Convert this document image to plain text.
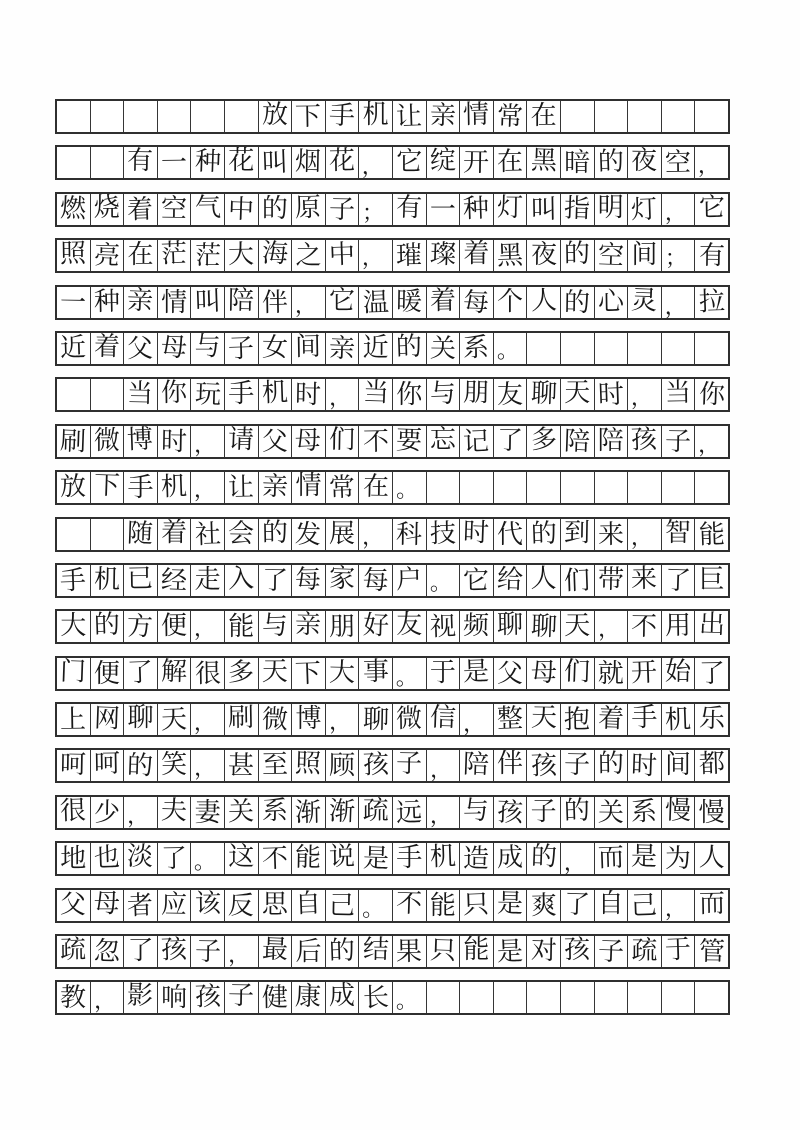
放 下 手 机 让 亲 情 常 在
有 一 种 花 叫 烟 花 ， 它 绽 开 在 黑 暗 的 夜 空 ，
燃 烧 着 空 气 中 的 原 子 ； 有 一 种 灯 叫 指 明 灯 ， 它
照 亮 在 茫 茫 大 海 之 中 ， 璀 璨 着 黑 夜 的 空 间 ； 有
一 种 亲 情 叫 陪 伴 ， 它 温 暖 着 每 个 人 的 心 灵 ， 拉
近 着 父 母 与 子 女 间 亲 近 的 关 系 。
当 你 玩 手 机 时 ， 当 你 与 朋 友 聊 天 时 ， 当 你
刷 微 博 时 ， 请 父 母 们 不 要 忘 记 了 多 陪 陪 孩 子 ，
放 下 手 机 ， 让 亲 情 常 在 。
随 着 社 会 的 发 展 ， 科 技 时 代 的 到 来 ， 智 能
手 机 已 经 走 入 了 每 家 每 户 。 它 给 人 们 带 来 了 巨
大 的 方 便 ， 能 与 亲 朋 好 友 视 频 聊 聊 天 ， 不 用 出
门 便 了 解 很 多 天 下 大 事 。 于 是 父 母 们 就 开 始 了
上 网 聊 天 ， 刷 微 博 ， 聊 微 信 ， 整 天 抱 着 手 机 乐
呵 呵 的 笑 ， 甚 至 照 顾 孩 子 ， 陪 伴 孩 子 的 时 间 都
很 少 ， 夫 妻 关 系 渐 渐 疏 远 ， 与 孩 子 的 关 系 慢 慢
地 也 淡 了 。 这 不 能 说 是 手 机 造 成 的 ， 而 是 为 人
父 母 者 应 该 反 思 自 己 。 不 能 只 是 爽 了 自 己 ， 而
疏 忽 了 孩 子 ， 最 后 的 结 果 只 能 是 对 孩 子 疏 于 管
教 ， 影 响 孩 子 健 康 成 长 。
